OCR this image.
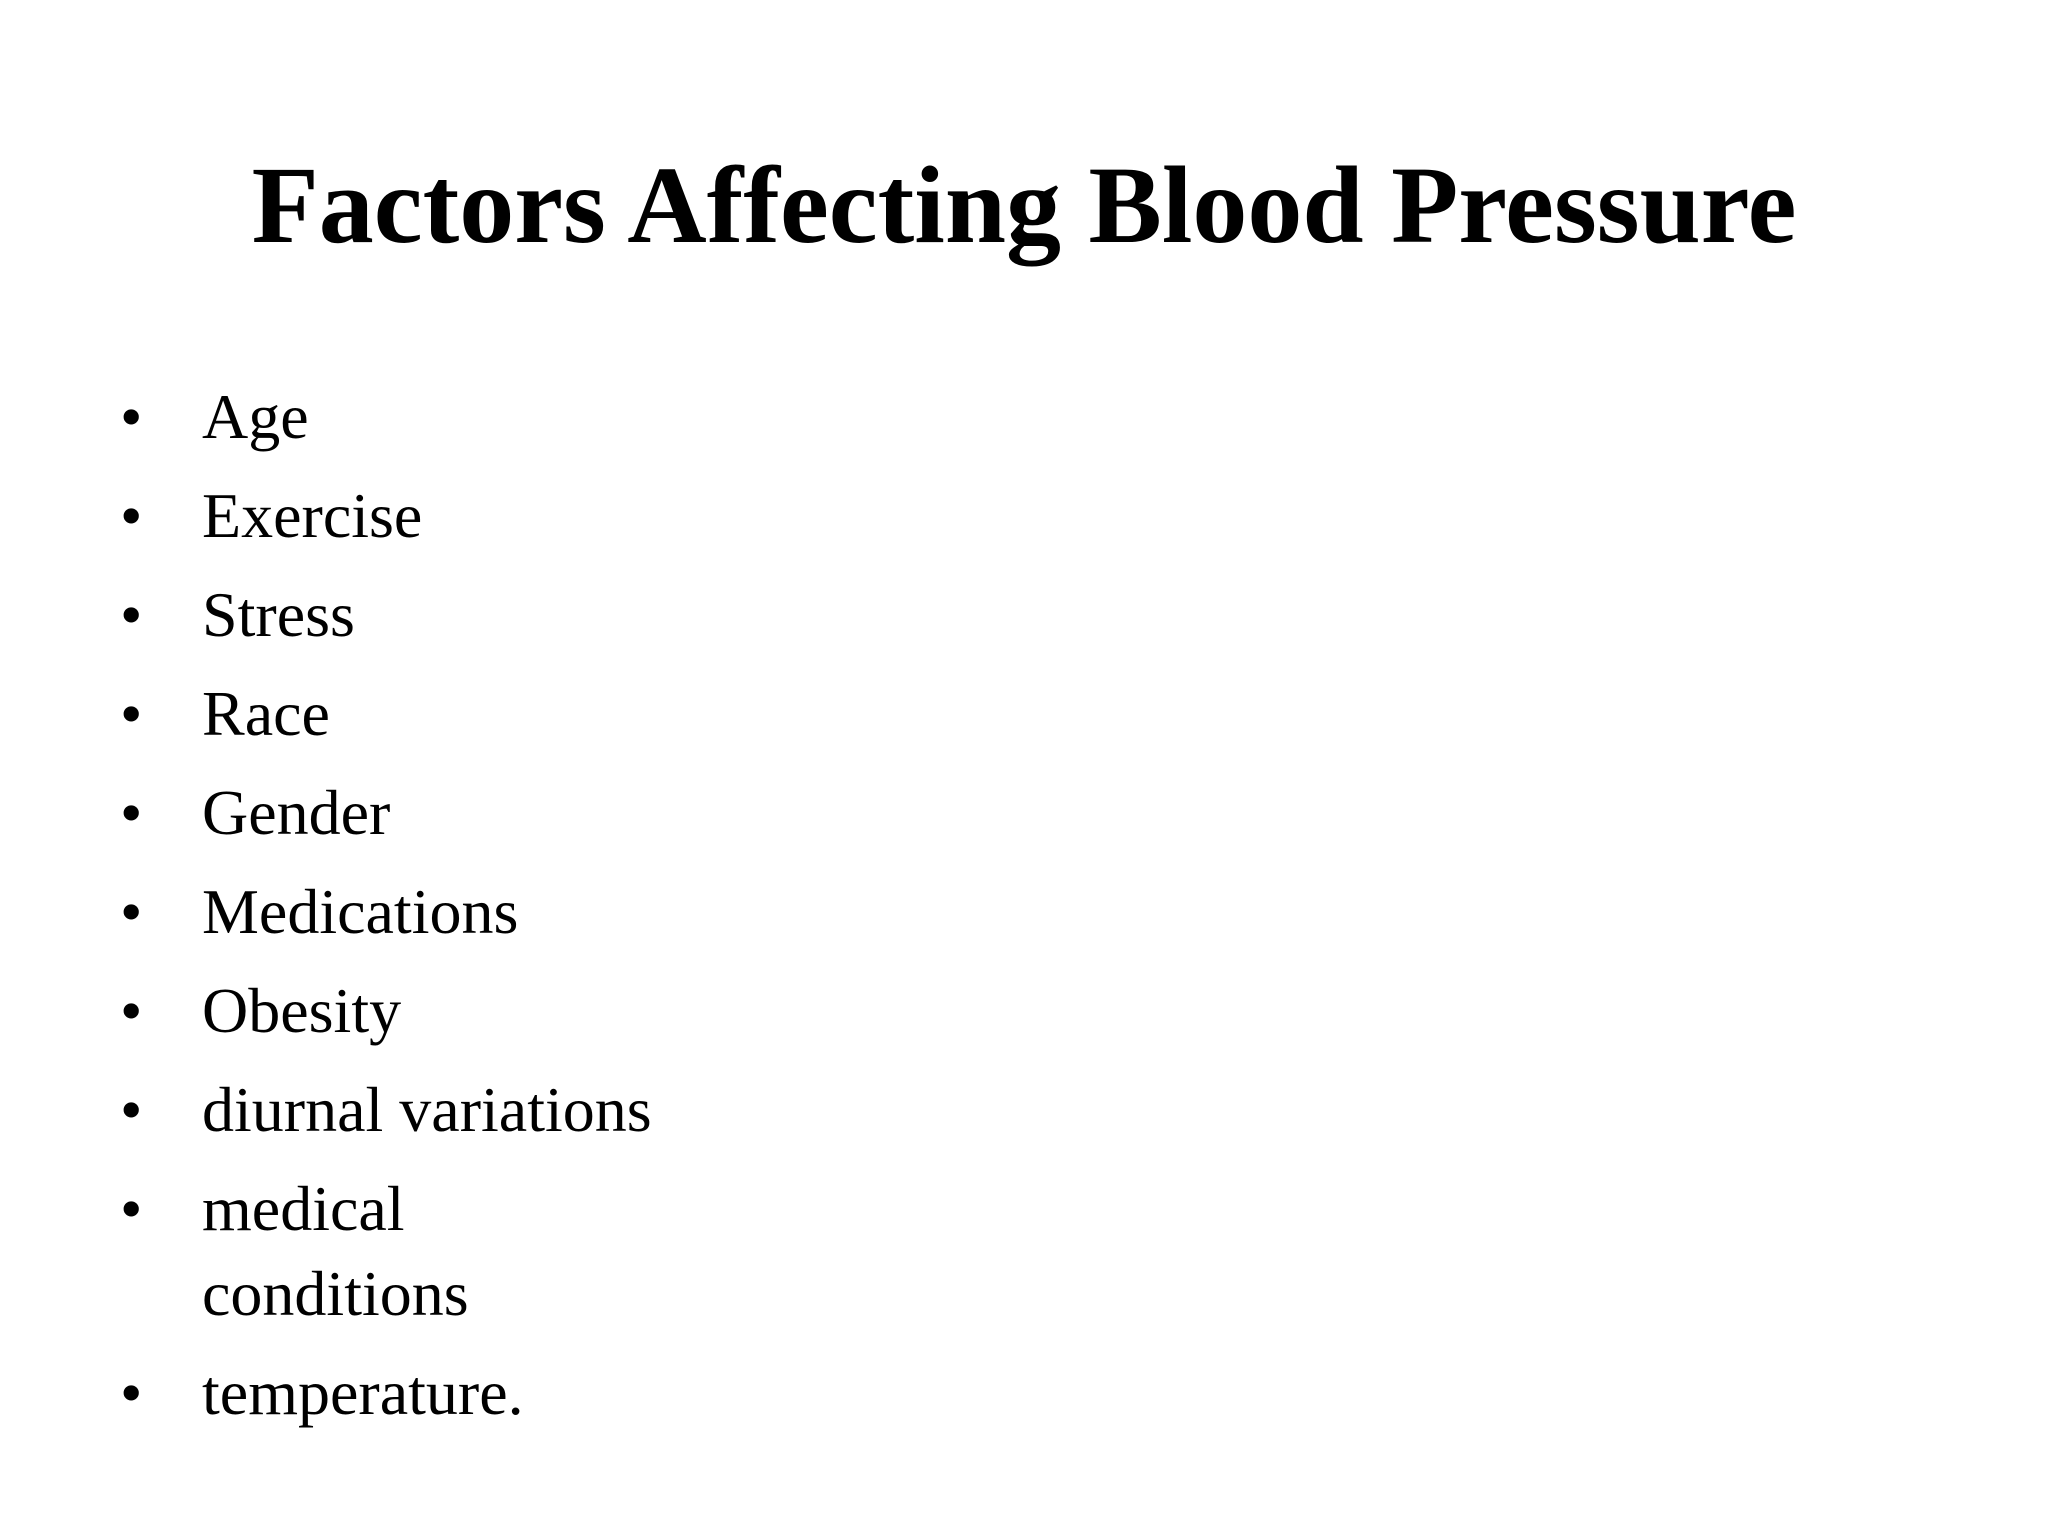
Factors Affecting Blood Pressure
• Age
• Exercise
• Stress
• Race
• Gender
• Medications
• Obesity
• diurnal variations
• medical conditions
• temperature.
